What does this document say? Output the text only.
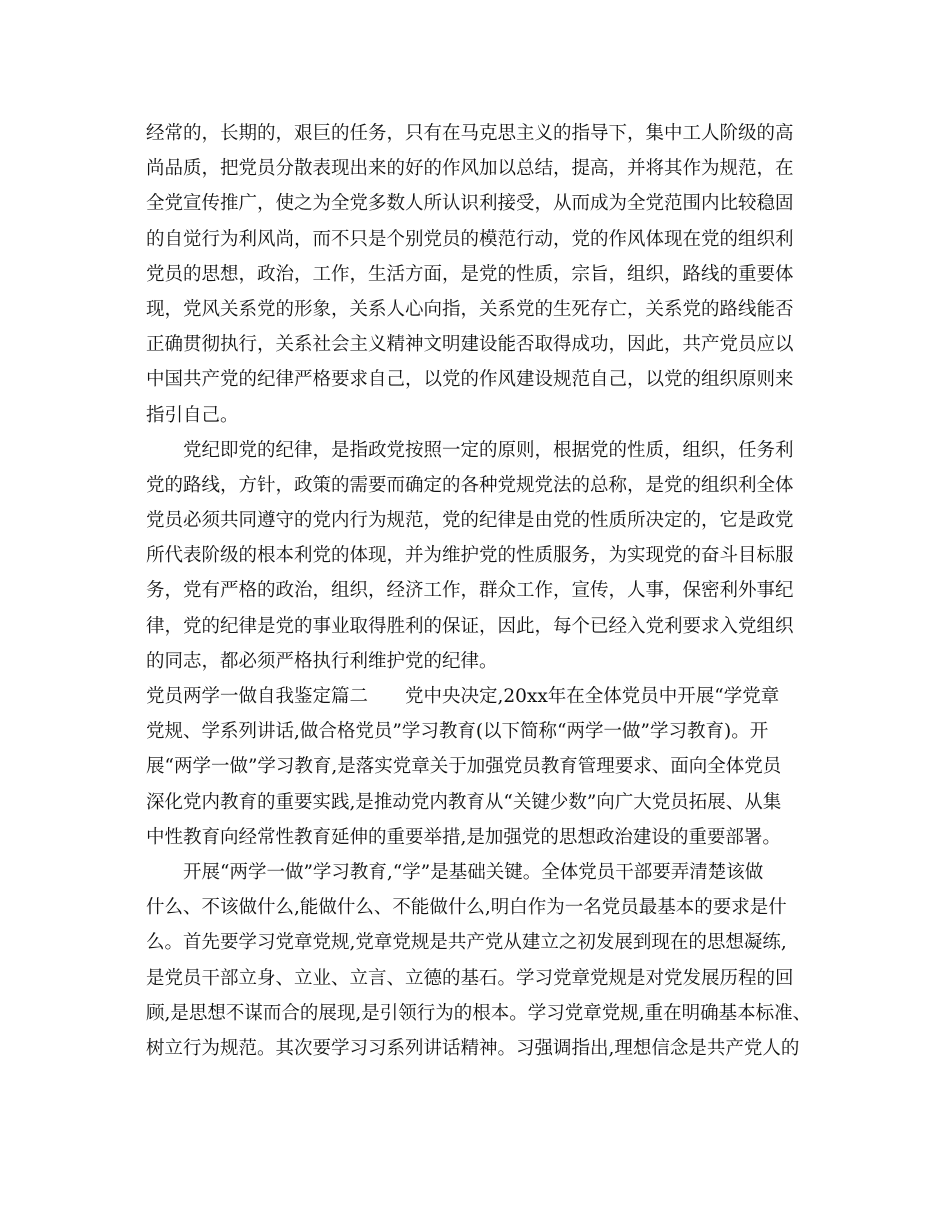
经常的，长期的，艰巨的任务，只有在马克思主义的指导下，集中工人阶级的高
尚品质，把党员分散表现出来的好的作风加以总结，提高，并将其作为规范，在
全党宣传推广，使之为全党多数人所认识利接受，从而成为全党范围内比较稳固
的自觉行为利风尚，而不只是个别党员的模范行动，党的作风体现在党的组织利
党员的思想，政治，工作，生活方面，是党的性质，宗旨，组织，路线的重要体
现，党风关系党的形象，关系人心向指，关系党的生死存亡，关系党的路线能否
正确贯彻执行，关系社会主义精神文明建设能否取得成功，因此，共产党员应以
中国共产党的纪律严格要求自己，以党的作风建设规范自己，以党的组织原则来
指引自己。
党纪即党的纪律，是指政党按照一定的原则，根据党的性质，组织，任务利
党的路线，方针，政策的需要而确定的各种党规党法的总称，是党的组织利全体
党员必须共同遵守的党内行为规范，党的纪律是由党的性质所决定的，它是政党
所代表阶级的根本利党的体现，并为维护党的性质服务，为实现党的奋斗目标服
务，党有严格的政治，组织，经济工作，群众工作，宣传，人事，保密利外事纪
律，党的纪律是党的事业取得胜利的保证，因此，每个已经入党利要求入党组织
的同志，都必须严格执行利维护党的纪律。
党员两学一做自我鉴定篇二　　党中央决定,20xx年在全体党员中开展“学党章
党规、学系列讲话,做合格党员”学习教育(以下简称“两学一做”学习教育)。开
展“两学一做”学习教育,是落实党章关于加强党员教育管理要求、面向全体党员
深化党内教育的重要实践,是推动党内教育从“关键少数”向广大党员拓展、从集
中性教育向经常性教育延伸的重要举措,是加强党的思想政治建设的重要部署。
开展“两学一做”学习教育,“学”是基础关键。全体党员干部要弄清楚该做
什么、不该做什么,能做什么、不能做什么,明白作为一名党员最基本的要求是什
么。首先要学习党章党规,党章党规是共产党从建立之初发展到现在的思想凝练,
是党员干部立身、立业、立言、立德的基石。学习党章党规是对党发展历程的回
顾,是思想不谋而合的展现,是引领行为的根本。学习党章党规,重在明确基本标准、
树立行为规范。其次要学习习系列讲话精神。习强调指出,理想信念是共产党人的
